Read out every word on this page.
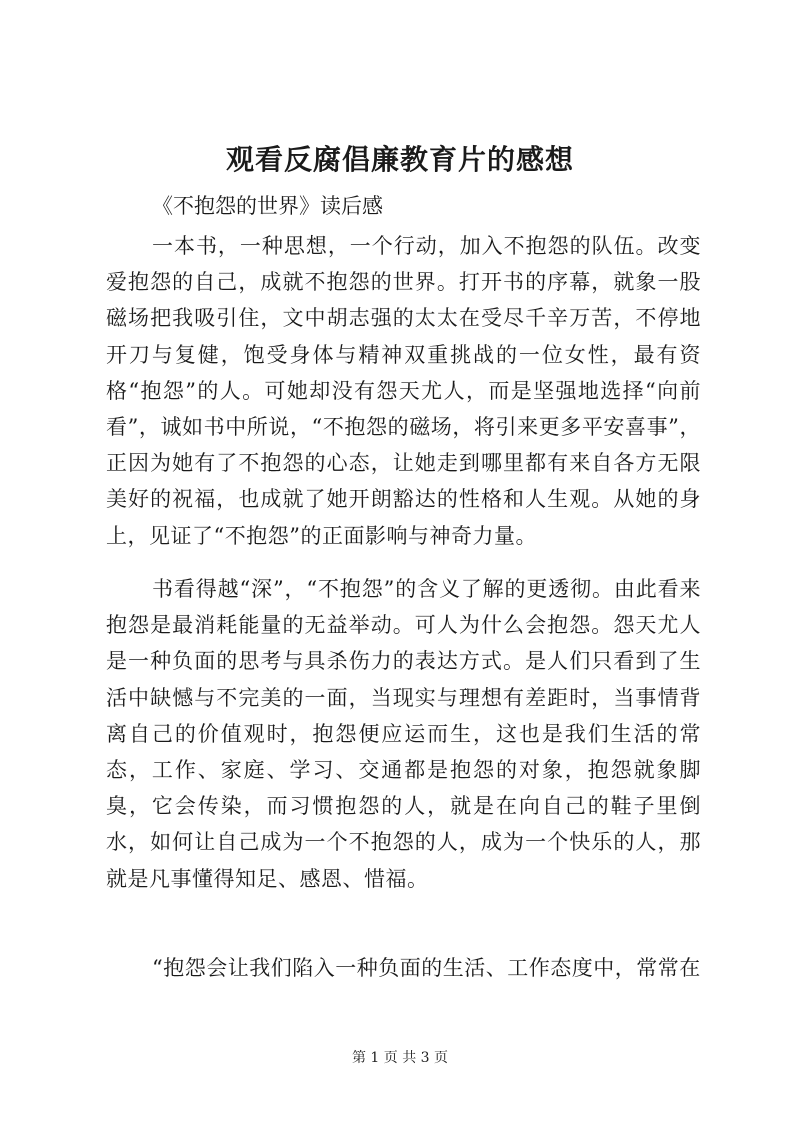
观看反腐倡廉教育片的感想

《不抱怨的世界》读后感

一本书，一种思想，一个行动，加入不抱怨的队伍。改变爱抱怨的自己，成就不抱怨的世界。打开书的序幕，就象一股磁场把我吸引住，文中胡志强的太太在受尽千辛万苦，不停地开刀与复健，饱受身体与精神双重挑战的一位女性，最有资格“抱怨”的人。可她却没有怨天尤人，而是坚强地选择“向前看”，诚如书中所说，“不抱怨的磁场，将引来更多平安喜事”，正因为她有了不抱怨的心态，让她走到哪里都有来自各方无限美好的祝福，也成就了她开朗豁达的性格和人生观。从她的身上，见证了“不抱怨”的正面影响与神奇力量。

书看得越“深”，“不抱怨”的含义了解的更透彻。由此看来抱怨是最消耗能量的无益举动。可人为什么会抱怨。怨天尤人是一种负面的思考与具杀伤力的表达方式。是人们只看到了生活中缺憾与不完美的一面，当现实与理想有差距时，当事情背离自己的价值观时，抱怨便应运而生，这也是我们生活的常态，工作、家庭、学习、交通都是抱怨的对象，抱怨就象脚臭，它会传染，而习惯抱怨的人，就是在向自己的鞋子里倒水，如何让自己成为一个不抱怨的人，成为一个快乐的人，那就是凡事懂得知足、感恩、惜福。

“抱怨会让我们陷入一种负面的生活、工作态度中，常常在

第 1 页 共 3 页
